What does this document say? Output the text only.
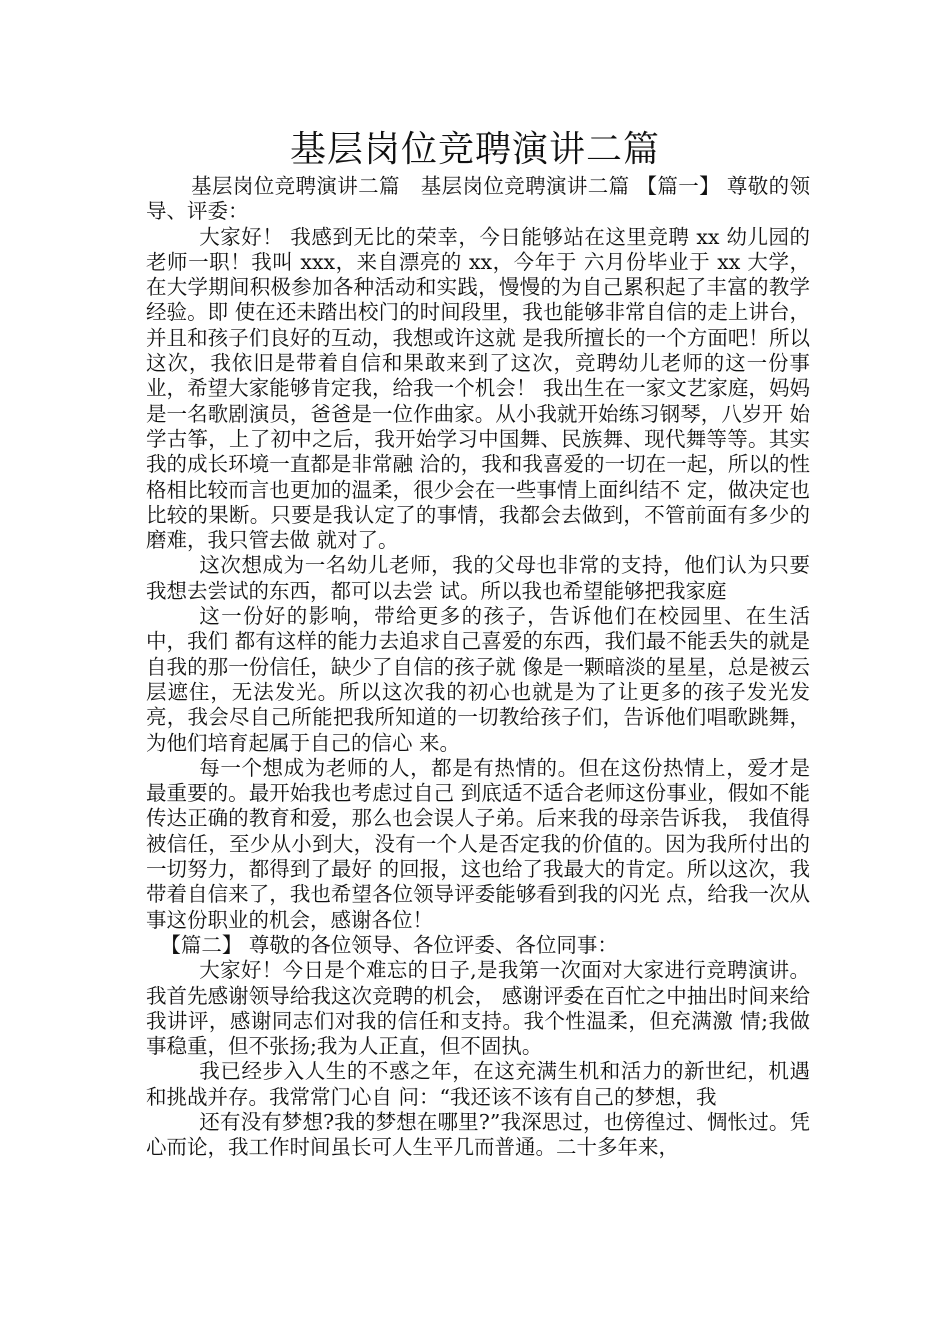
基层岗位竞聘演讲二篇

基层岗位竞聘演讲二篇　基层岗位竞聘演讲二篇 【篇一】 尊敬的领导、评委：

大家好！ 我感到无比的荣幸，今日能够站在这里竞聘 xx 幼儿园的老师一职！我叫 xxx，来自漂亮的 xx，今年于 六月份毕业于 xx 大学，在大学期间积极参加各种活动和实践，慢慢的为自己累积起了丰富的教学经验。即 使在还未踏出校门的时间段里，我也能够非常自信的走上讲台，并且和孩子们良好的互动，我想或许这就 是我所擅长的一个方面吧！所以这次，我依旧是带着自信和果敢来到了这次，竞聘幼儿老师的这一份事 业，希望大家能够肯定我，给我一个机会！ 我出生在一家文艺家庭，妈妈是一名歌剧演员，爸爸是一位作曲家。从小我就开始练习钢琴，八岁开 始学古筝，上了初中之后，我开始学习中国舞、民族舞、现代舞等等。其实我的成长环境一直都是非常融 洽的，我和我喜爱的一切在一起，所以的性格相比较而言也更加的温柔，很少会在一些事情上面纠结不 定，做决定也比较的果断。只要是我认定了的事情，我都会去做到，不管前面有多少的磨难，我只管去做 就对了。

这次想成为一名幼儿老师，我的父母也非常的支持，他们认为只要我想去尝试的东西，都可以去尝 试。所以我也希望能够把我家庭

这一份好的影响，带给更多的孩子，告诉他们在校园里、在生活中，我们 都有这样的能力去追求自己喜爱的东西，我们最不能丢失的就是自我的那一份信任，缺少了自信的孩子就 像是一颗暗淡的星星，总是被云层遮住，无法发光。所以这次我的初心也就是为了让更多的孩子发光发 亮，我会尽自己所能把我所知道的一切教给孩子们，告诉他们唱歌跳舞，为他们培育起属于自己的信心 来。

每一个想成为老师的人，都是有热情的。但在这份热情上，爱才是最重要的。最开始我也考虑过自己 到底适不适合老师这份事业，假如不能传达正确的教育和爱，那么也会误人子弟。后来我的母亲告诉我， 我值得被信任，至少从小到大，没有一个人是否定我的价值的。因为我所付出的一切努力，都得到了最好 的回报，这也给了我最大的肯定。所以这次，我带着自信来了，我也希望各位领导评委能够看到我的闪光 点，给我一次从事这份职业的机会，感谢各位！

【篇二】 尊敬的各位领导、各位评委、各位同事：

大家好！今日是个难忘的日子,是我第一次面对大家进行竞聘演讲。我首先感谢领导给我这次竞聘的机会， 感谢评委在百忙之中抽出时间来给我讲评，感谢同志们对我的信任和支持。我个性温柔，但充满激 情;我做事稳重，但不张扬;我为人正直，但不固执。

我已经步入人生的不惑之年，在这充满生机和活力的新世纪，机遇和挑战并存。我常常门心自 问：“我还该不该有自己的梦想，我

还有没有梦想?我的梦想在哪里?”我深思过，也傍徨过、惆怅过。凭心而论，我工作时间虽长可人生平几而普通。二十多年来，
